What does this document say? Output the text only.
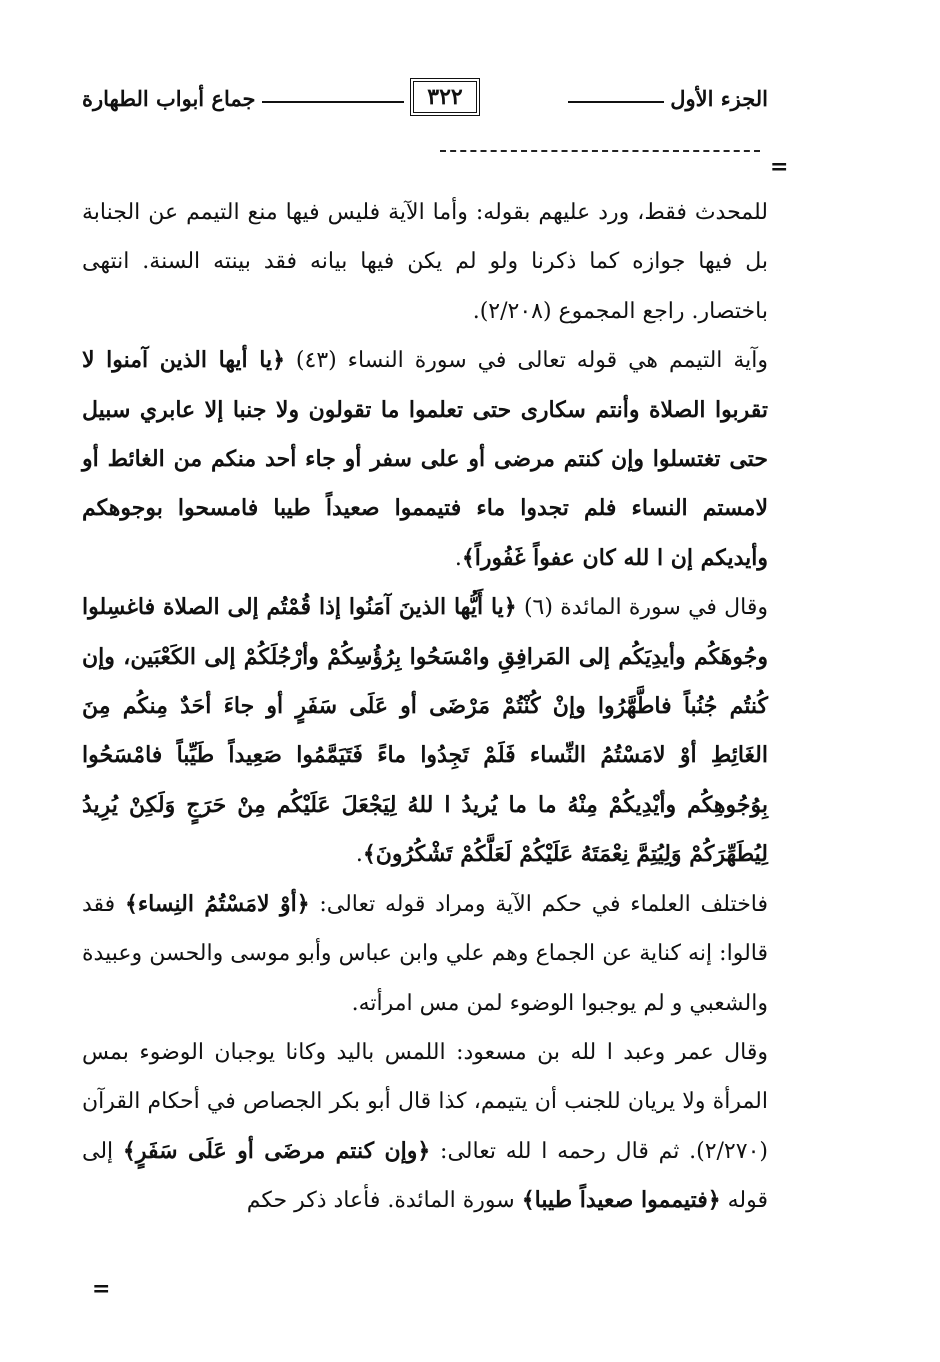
الجزء الأول
٣٢٢
جماع أبواب الطهارة
=

للمحدث فقط، ورد عليهم بقوله: وأما الآية فليس فيها منع التيمم عن الجنابة بل فيها جوازه كما ذكرنا ولو لم يكن فيها بيانه فقد بينته السنة. انتهى باختصار. راجع المجموع (٢/٢٠٨).

وآية التيمم هي قوله تعالى في سورة النساء (٤٣) ﴿يا أيها الذين آمنوا لا تقربوا الصلاة وأنتم سكارى حتى تعلموا ما تقولون ولا جنبا إلا عابري سبيل حتى تغتسلوا وإن كنتم مرضى أو على سفر أو جاء أحد منكم من الغائط أو لامستم النساء فلم تجدوا ماء فتيمموا صعيداً طيبا فامسحوا بوجوهكم وأيديكم إن ا لله كان عفواً غَفُوراً﴾.

وقال في سورة المائدة (٦) ﴿يا أَيُّها الذينَ آمَنُوا إذا قُمْتُم إلى الصلاة فاغسِلوا وجُوهَكُم وأيدِيَكُم إلى المَرافِقِ وامْسَحُوا بِرُؤُسِكُمْ وأرْجُلَكُمْ إلى الكَعْبَين، وإن كُنتُم جُنُباً فاطَّهَّرُوا وإنْ كُنْتُمْ مَرْضَى أو عَلَى سَفَرٍ أو جاءَ أحَدٌ مِنكُم مِنَ الغَائِطِ أوْ لامَسْتُمُ النِّساء فَلَمْ تَجِدُوا ماءً فَتَيَمَّمُوا صَعِيداً طَيِّباً فامْسَحُوا بِوُجُوهِكُم وأيْدِيكُمْ مِنْهُ ما ما يُريدُ ا للهُ لِيَجْعَلَ عَلَيْكُم مِنْ حَرَجٍ وَلَكِنْ يُرِيدُ لِيُطَهِّرَكُمْ وَلِيُتِمَّ نِعْمَتَهُ عَلَيْكُمْ لَعَلَّكُمْ تَشْكُرُونَ﴾.

فاختلف العلماء في حكم الآية ومراد قوله تعالى: ﴿أوْ لامَسْتُمُ النِساء﴾ فقد قالوا: إنه كناية عن الجماع وهم علي وابن عباس وأبو موسى والحسن وعبيدة والشعبي و لم يوجبوا الوضوء لمن مس امرأته.

وقال عمر وعبد ا لله بن مسعود: اللمس باليد وكانا يوجبان الوضوء بمس المرأة ولا يريان للجنب أن يتيمم، كذا قال أبو بكر الجصاص في أحكام القرآن (٢/٢٧٠). ثم قال رحمه ا لله تعالى: ﴿وإن كنتم مرضَى أو عَلَى سَفَرٍ﴾ إلى قوله ﴿فتيمموا صعيداً طيبا﴾ سورة المائدة. فأعاد ذكر حكم

=
